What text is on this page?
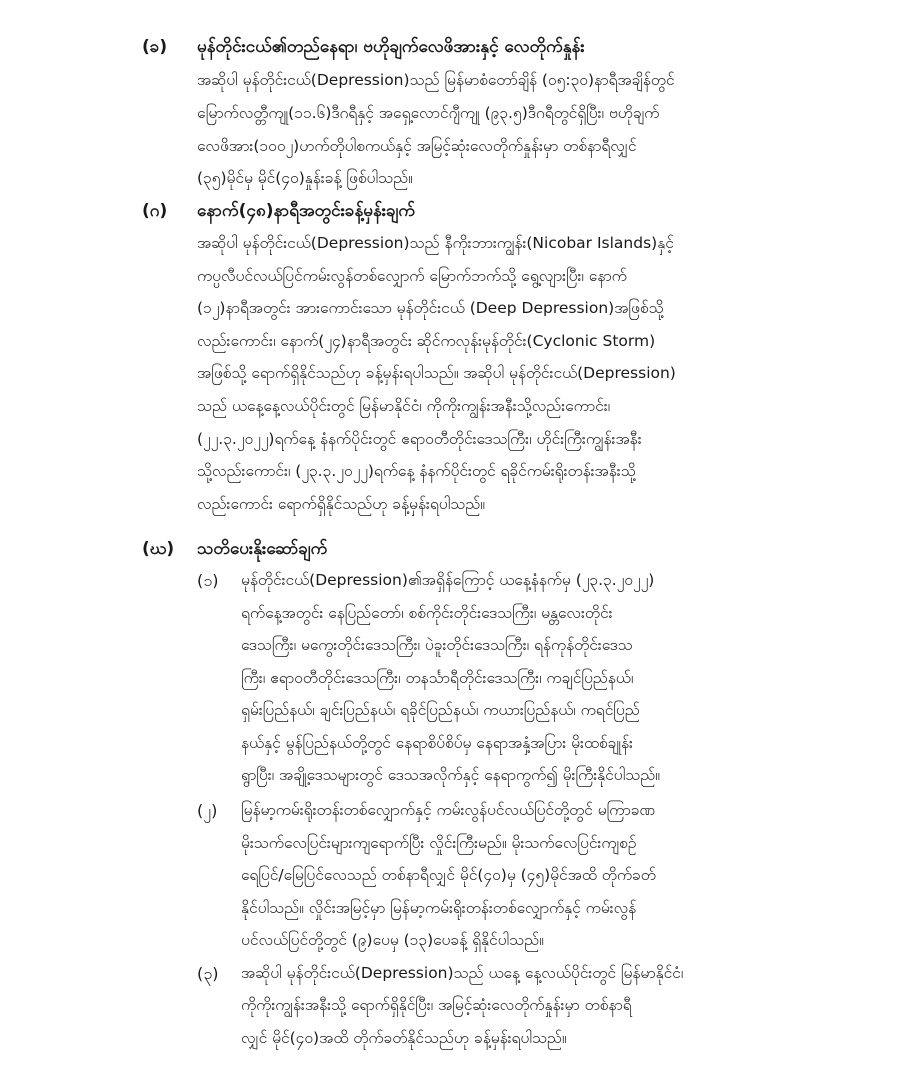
(ခ) မုန်တိုင်းငယ်၏တည်နေရာ၊ ဗဟိုချက်လေဖိအားနှင့် လေတိုက်နှုန်း
အဆိုပါ မုန်တိုင်းငယ်(Depression)သည် မြန်မာစံတော်ချိန် (၀၅:၃၀)နာရီအချိန်တွင်
မြောက်လတ္တီကျု(၁၁.၆)ဒီဂရီနှင့် အရှေ့လောင်ဂျီကျု (၉၃.၅)ဒီဂရီတွင်ရှိပြီး၊ ဗဟိုချက်
လေဖိအား(၁၀၀၂)ဟက်တိုပါစကယ်နှင့် အမြင့်ဆုံးလေတိုက်နှုန်းမှာ တစ်နာရီလျှင်
(၃၅)မိုင်မှ မိုင်(၄၀)နှုန်းခန့် ဖြစ်ပါသည်။
(ဂ) နောက်(၄၈)နာရီအတွင်းခန့်မှန်းချက်
အဆိုပါ မုန်တိုင်းငယ်(Depression)သည် နီကိုးဘားကျွန်း(Nicobar Islands)နှင့်
ကပ္ပလီပင်လယ်ပြင်ကမ်းလွန်တစ်လျှောက် မြောက်ဘက်သို့ ရွေ့လျားပြီး၊ နောက်
(၁၂)နာရီအတွင်း အားကောင်းသော မုန်တိုင်းငယ် (Deep Depression)အဖြစ်သို့
လည်းကောင်း၊ နောက်(၂၄)နာရီအတွင်း ဆိုင်ကလုန်းမုန်တိုင်း(Cyclonic Storm)
အဖြစ်သို့ ရောက်ရှိနိုင်သည်ဟု ခန့်မှန်းရပါသည်။ အဆိုပါ မုန်တိုင်းငယ်(Depression)
သည် ယနေ့နေ့လယ်ပိုင်းတွင် မြန်မာနိုင်ငံ၊ ကိုကိုးကျွန်းအနီးသို့လည်းကောင်း၊
(၂၂.၃.၂၀၂၂)ရက်နေ့ နံနက်ပိုင်းတွင် ဧရာဝတီတိုင်းဒေသကြီး၊ ဟိုင်းကြီးကျွန်းအနီး
သို့လည်းကောင်း၊ (၂၃.၃.၂၀၂၂)ရက်နေ့ နံနက်ပိုင်းတွင် ရခိုင်ကမ်းရိုးတန်းအနီးသို့
လည်းကောင်း ရောက်ရှိနိုင်သည်ဟု ခန့်မှန်းရပါသည်။
(ဃ) သတိပေးနိုးဆော်ချက်
(၁) မုန်တိုင်းငယ်(Depression)၏အရှိန်ကြောင့် ယနေ့နံနက်မှ (၂၃.၃.၂၀၂၂)
ရက်နေ့အတွင်း နေပြည်တော်၊ စစ်ကိုင်းတိုင်းဒေသကြီး၊ မန္တလေးတိုင်း
ဒေသကြီး၊ မကွေးတိုင်းဒေသကြီး၊ ပဲခူးတိုင်းဒေသကြီး၊ ရန်ကုန်တိုင်းဒေသ
ကြီး၊ ဧရာဝတီတိုင်းဒေသကြီး၊ တနင်္သာရီတိုင်းဒေသကြီး၊ ကချင်ပြည်နယ်၊
ရှမ်းပြည်နယ်၊ ချင်းပြည်နယ်၊ ရခိုင်ပြည်နယ်၊ ကယားပြည်နယ်၊ ကရင်ပြည်
နယ်နှင့် မွန်ပြည်နယ်တို့တွင် နေရာစိပ်စိပ်မှ နေရာအနှံ့အပြား မိုးထစ်ချုန်း
ရွာပြီး၊ အချို့ဒေသများတွင် ဒေသအလိုက်နှင့် နေရာကွက်၍ မိုးကြီးနိုင်ပါသည်။
(၂) မြန်မာ့ကမ်းရိုးတန်းတစ်လျှောက်နှင့် ကမ်းလွန်ပင်လယ်ပြင်တို့တွင် မကြာခဏ
မိုးသက်လေပြင်းများကျရောက်ပြီး လှိုင်းကြီးမည်။ မိုးသက်လေပြင်းကျစဉ်
ရေပြင်/မြေပြင်လေသည် တစ်နာရီလျှင် မိုင်(၄၀)မှ (၄၅)မိုင်အထိ တိုက်ခတ်
နိုင်ပါသည်။ လှိုင်းအမြင့်မှာ မြန်မာ့ကမ်းရိုးတန်းတစ်လျှောက်နှင့် ကမ်းလွန်
ပင်လယ်ပြင်တို့တွင် (၉)ပေမှ (၁၃)ပေခန့် ရှိနိုင်ပါသည်။
(၃) အဆိုပါ မုန်တိုင်းငယ်(Depression)သည် ယနေ့ နေ့လယ်ပိုင်းတွင် မြန်မာနိုင်ငံ၊
ကိုကိုးကျွန်းအနီးသို့ ရောက်ရှိနိုင်ပြီး၊ အမြင့်ဆုံးလေတိုက်နှုန်းမှာ တစ်နာရီ
လျှင် မိုင်(၄၀)အထိ တိုက်ခတ်နိုင်သည်ဟု ခန့်မှန်းရပါသည်။
